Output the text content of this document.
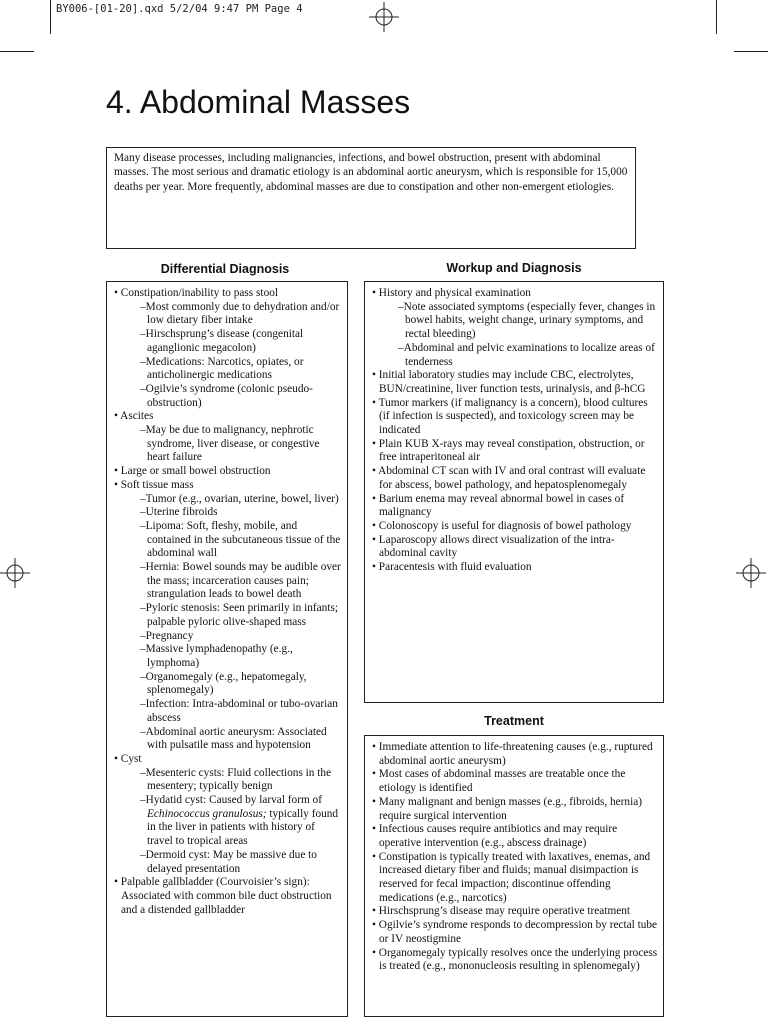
BY006-[01-20].qxd 5/2/04 9:47 PM Page 4
4. Abdominal Masses
Many disease processes, including malignancies, infections, and bowel obstruction, present with abdominal masses. The most serious and dramatic etiology is an abdominal aortic aneurysm, which is responsible for 15,000 deaths per year. More frequently, abdominal masses are due to constipation and other non-emergent etiologies.
Differential Diagnosis
• Constipation/inability to pass stool
– Most commonly due to dehydration and/or low dietary fiber intake
– Hirschsprung’s disease (congenital aganglionic megacolon)
– Medications: Narcotics, opiates, or anticholinergic medications
– Ogilvie’s syndrome (colonic pseudo-obstruction)
• Ascites
– May be due to malignancy, nephrotic syndrome, liver disease, or congestive heart failure
• Large or small bowel obstruction
• Soft tissue mass
– Tumor (e.g., ovarian, uterine, bowel, liver)
– Uterine fibroids
– Lipoma: Soft, fleshy, mobile, and contained in the subcutaneous tissue of the abdominal wall
– Hernia: Bowel sounds may be audible over the mass; incarceration causes pain; strangulation leads to bowel death
– Pyloric stenosis: Seen primarily in infants; palpable pyloric olive-shaped mass
– Pregnancy
– Massive lymphadenopathy (e.g., lymphoma)
– Organomegaly (e.g., hepatomegaly, splenomegaly)
– Infection: Intra-abdominal or tubo-ovarian abscess
– Abdominal aortic aneurysm: Associated with pulsatile mass and hypotension
• Cyst
– Mesenteric cysts: Fluid collections in the mesentery; typically benign
– Hydatid cyst: Caused by larval form of Echinococcus granulosus; typically found in the liver in patients with history of travel to tropical areas
– Dermoid cyst: May be massive due to delayed presentation
• Palpable gallbladder (Courvoisier’s sign): Associated with common bile duct obstruction and a distended gallbladder
Workup and Diagnosis
• History and physical examination
– Note associated symptoms (especially fever, changes in bowel habits, weight change, urinary symptoms, and rectal bleeding)
– Abdominal and pelvic examinations to localize areas of tenderness
• Initial laboratory studies may include CBC, electrolytes, BUN/creatinine, liver function tests, urinalysis, and β-hCG
• Tumor markers (if malignancy is a concern), blood cultures (if infection is suspected), and toxicology screen may be indicated
• Plain KUB X-rays may reveal constipation, obstruction, or free intraperitoneal air
• Abdominal CT scan with IV and oral contrast will evaluate for abscess, bowel pathology, and hepatosplenomegaly
• Barium enema may reveal abnormal bowel in cases of malignancy
• Colonoscopy is useful for diagnosis of bowel pathology
• Laparoscopy allows direct visualization of the intra-abdominal cavity
• Paracentesis with fluid evaluation
Treatment
• Immediate attention to life-threatening causes (e.g., ruptured abdominal aortic aneurysm)
• Most cases of abdominal masses are treatable once the etiology is identified
• Many malignant and benign masses (e.g., fibroids, hernia) require surgical intervention
• Infectious causes require antibiotics and may require operative intervention (e.g., abscess drainage)
• Constipation is typically treated with laxatives, enemas, and increased dietary fiber and fluids; manual disimpaction is reserved for fecal impaction; discontinue offending medications (e.g., narcotics)
• Hirschsprung’s disease may require operative treatment
• Ogilvie’s syndrome responds to decompression by rectal tube or IV neostigmine
• Organomegaly typically resolves once the underlying process is treated (e.g., mononucleosis resulting in splenomegaly)
